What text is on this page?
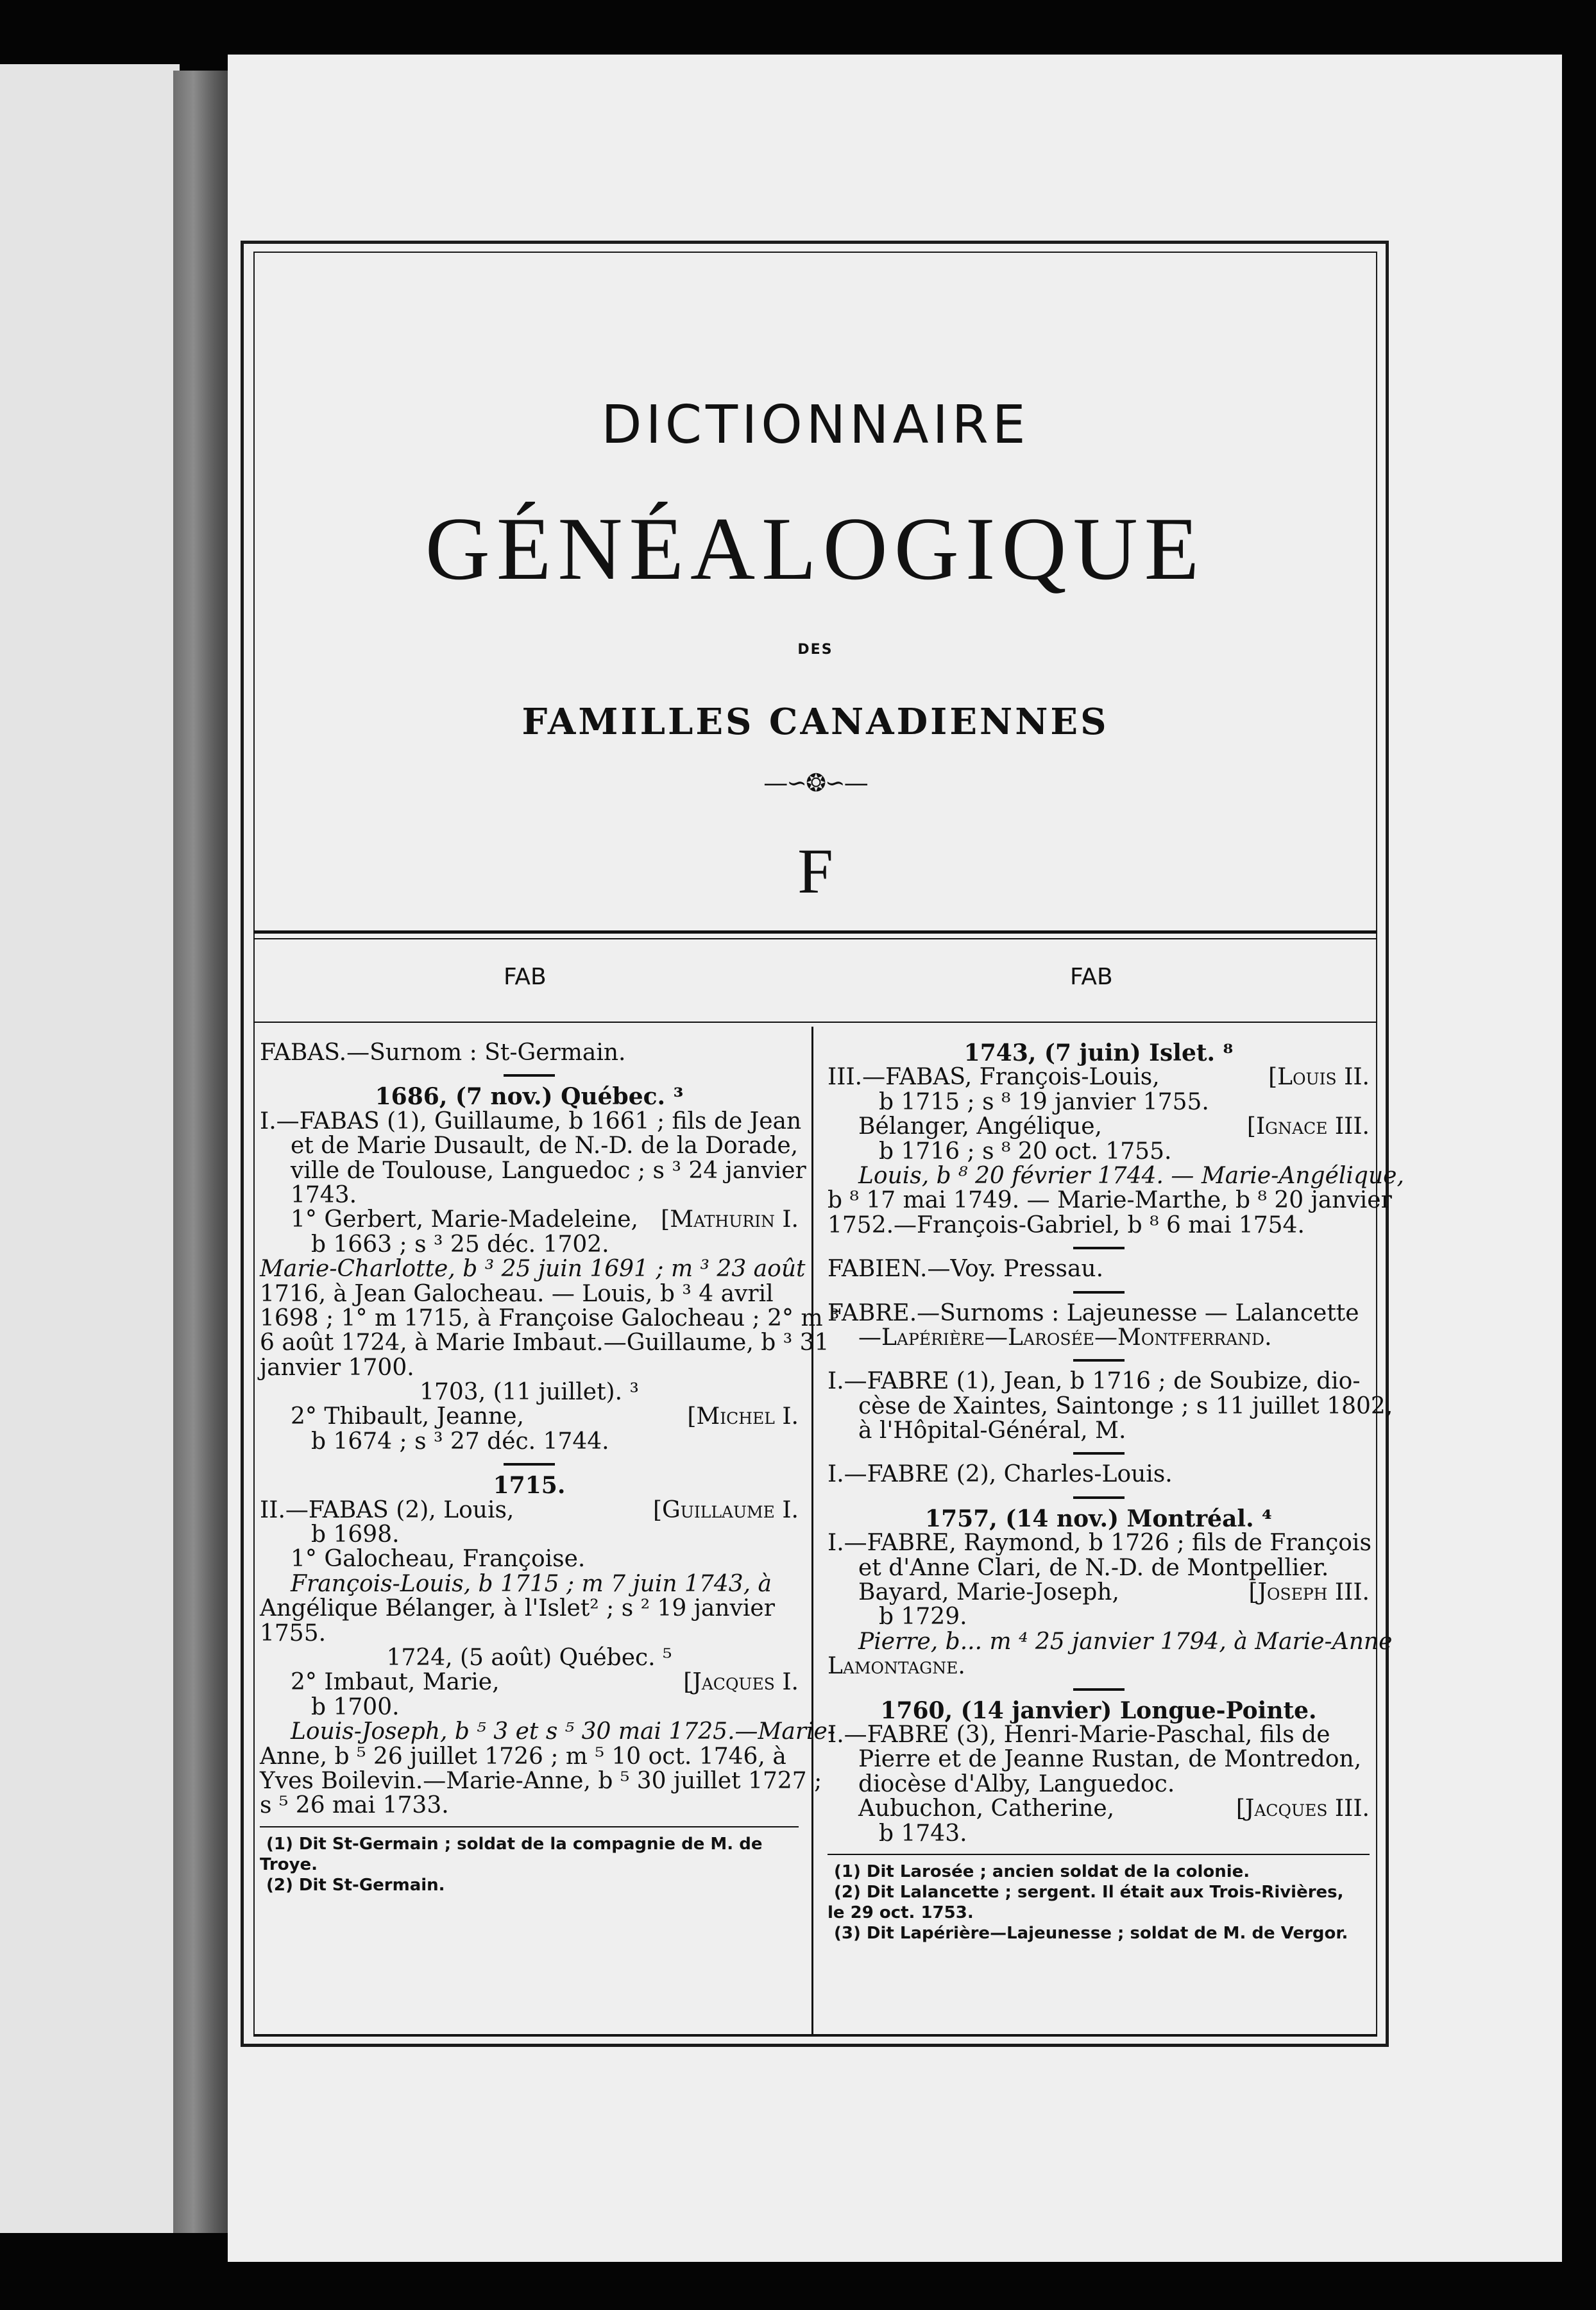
DICTIONNAIRE
GÉNÉALOGIQUE
DES
FAMILLES CANADIENNES
—∽❂∽—
F
FAB	FAB
FABAS.—Surnom : St-Germain.
1686, (7 nov.) Québec. ³
I.—FABAS (1), Guillaume, b 1661 ; fils de Jean
et de Marie Dusault, de N.-D. de la Dorade,
ville de Toulouse, Languedoc ; s ³ 24 janvier
1743.
1° Gerbert, Marie-Madeleine, [Mathurin I.
b 1663 ; s ³ 25 déc. 1702.
Marie-Charlotte, b ³ 25 juin 1691 ; m ³ 23 août
1716, à Jean Galocheau. — Louis, b ³ 4 avril
1698 ; 1° m 1715, à Françoise Galocheau ; 2° m ³
6 août 1724, à Marie Imbaut.—Guillaume, b ³ 31
janvier 1700.
1703, (11 juillet). ³
2° Thibault, Jeanne,	[Michel I.
b 1674 ; s ³ 27 déc. 1744.
1715.
II.—FABAS (2), Louis,	[Guillaume I.
b 1698.
1° Galocheau, Françoise.
François-Louis, b 1715 ; m 7 juin 1743, à
Angélique Bélanger, à l'Islet² ; s ² 19 janvier
1755.
1724, (5 août) Québec. ⁵
2° Imbaut, Marie,	[Jacques I.
b 1700.
Louis-Joseph, b ⁵ 3 et s ⁵ 30 mai 1725.—Marie-
Anne, b ⁵ 26 juillet 1726 ; m ⁵ 10 oct. 1746, à
Yves Boilevin.—Marie-Anne, b ⁵ 30 juillet 1727 ;
s ⁵ 26 mai 1733.
(1) Dit St-Germain ; soldat de la compagnie de M. de
Troye.
(2) Dit St-Germain.
1743, (7 juin) Islet. ⁸
III.—FABAS, François-Louis,	[Louis II.
b 1715 ; s ⁸ 19 janvier 1755.
Bélanger, Angélique,	[Ignace III.
b 1716 ; s ⁸ 20 oct. 1755.
Louis, b ⁸ 20 février 1744. — Marie-Angélique,
b ⁸ 17 mai 1749. — Marie-Marthe, b ⁸ 20 janvier
1752.—François-Gabriel, b ⁸ 6 mai 1754.
FABIEN.—Voy. Pressau.
FABRE.—Surnoms : Lajeunesse — Lalancette
—Lapérière—Larosée—Montferrand.
I.—FABRE (1), Jean, b 1716 ; de Soubize, dio-
cèse de Xaintes, Saintonge ; s 11 juillet 1802,
à l'Hôpital-Général, M.
I.—FABRE (2), Charles-Louis.
1757, (14 nov.) Montréal. ⁴
I.—FABRE, Raymond, b 1726 ; fils de François
et d'Anne Clari, de N.-D. de Montpellier.
Bayard, Marie-Joseph,	[Joseph III.
b 1729.
Pierre, b... m ⁴ 25 janvier 1794, à Marie-Anne
Lamontagne.
1760, (14 janvier) Longue-Pointe.
I.—FABRE (3), Henri-Marie-Paschal, fils de
Pierre et de Jeanne Rustan, de Montredon,
diocèse d'Alby, Languedoc.
Aubuchon, Catherine,	[Jacques III.
b 1743.
(1) Dit Larosée ; ancien soldat de la colonie.
(2) Dit Lalancette ; sergent. Il était aux Trois-Rivières,
le 29 oct. 1753.
(3) Dit Lapérière—Lajeunesse ; soldat de M. de Vergor.
